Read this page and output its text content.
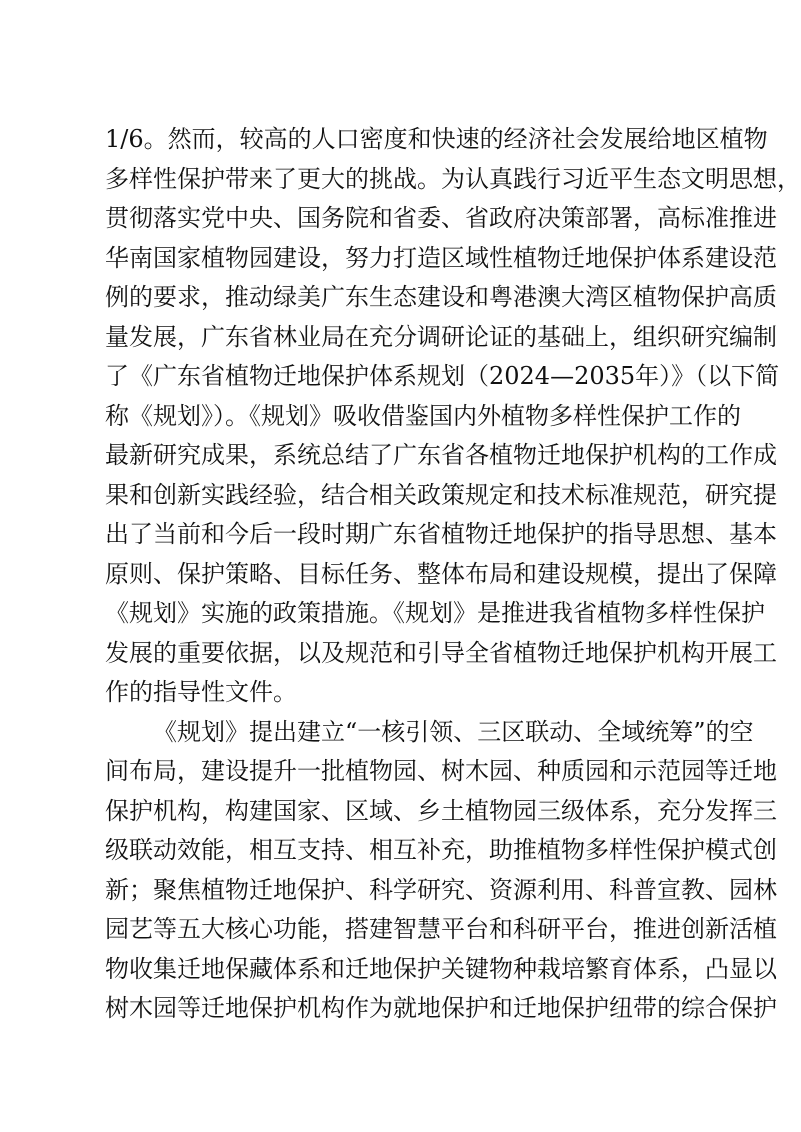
1/6。然而，较高的人口密度和快速的经济社会发展给地区植物
多样性保护带来了更大的挑战。为认真践行习近平生态文明思想，
贯彻落实党中央、国务院和省委、省政府决策部署，高标准推进
华南国家植物园建设，努力打造区域性植物迁地保护体系建设范
例的要求，推动绿美广东生态建设和粤港澳大湾区植物保护高质
量发展，广东省林业局在充分调研论证的基础上，组织研究编制
了《广东省植物迁地保护体系规划（2024—2035年）》（以下简
称《规划》）。《规划》吸收借鉴国内外植物多样性保护工作的
最新研究成果，系统总结了广东省各植物迁地保护机构的工作成
果和创新实践经验，结合相关政策规定和技术标准规范，研究提
出了当前和今后一段时期广东省植物迁地保护的指导思想、基本
原则、保护策略、目标任务、整体布局和建设规模，提出了保障
《规划》实施的政策措施。《规划》是推进我省植物多样性保护
发展的重要依据，以及规范和引导全省植物迁地保护机构开展工
作的指导性文件。
《规划》提出建立“一核引领、三区联动、全域统筹”的空
间布局，建设提升一批植物园、树木园、种质园和示范园等迁地
保护机构，构建国家、区域、乡土植物园三级体系，充分发挥三
级联动效能，相互支持、相互补充，助推植物多样性保护模式创
新；聚焦植物迁地保护、科学研究、资源利用、科普宣教、园林
园艺等五大核心功能，搭建智慧平台和科研平台，推进创新活植
物收集迁地保藏体系和迁地保护关键物种栽培繁育体系，凸显以
树木园等迁地保护机构作为就地保护和迁地保护纽带的综合保护
